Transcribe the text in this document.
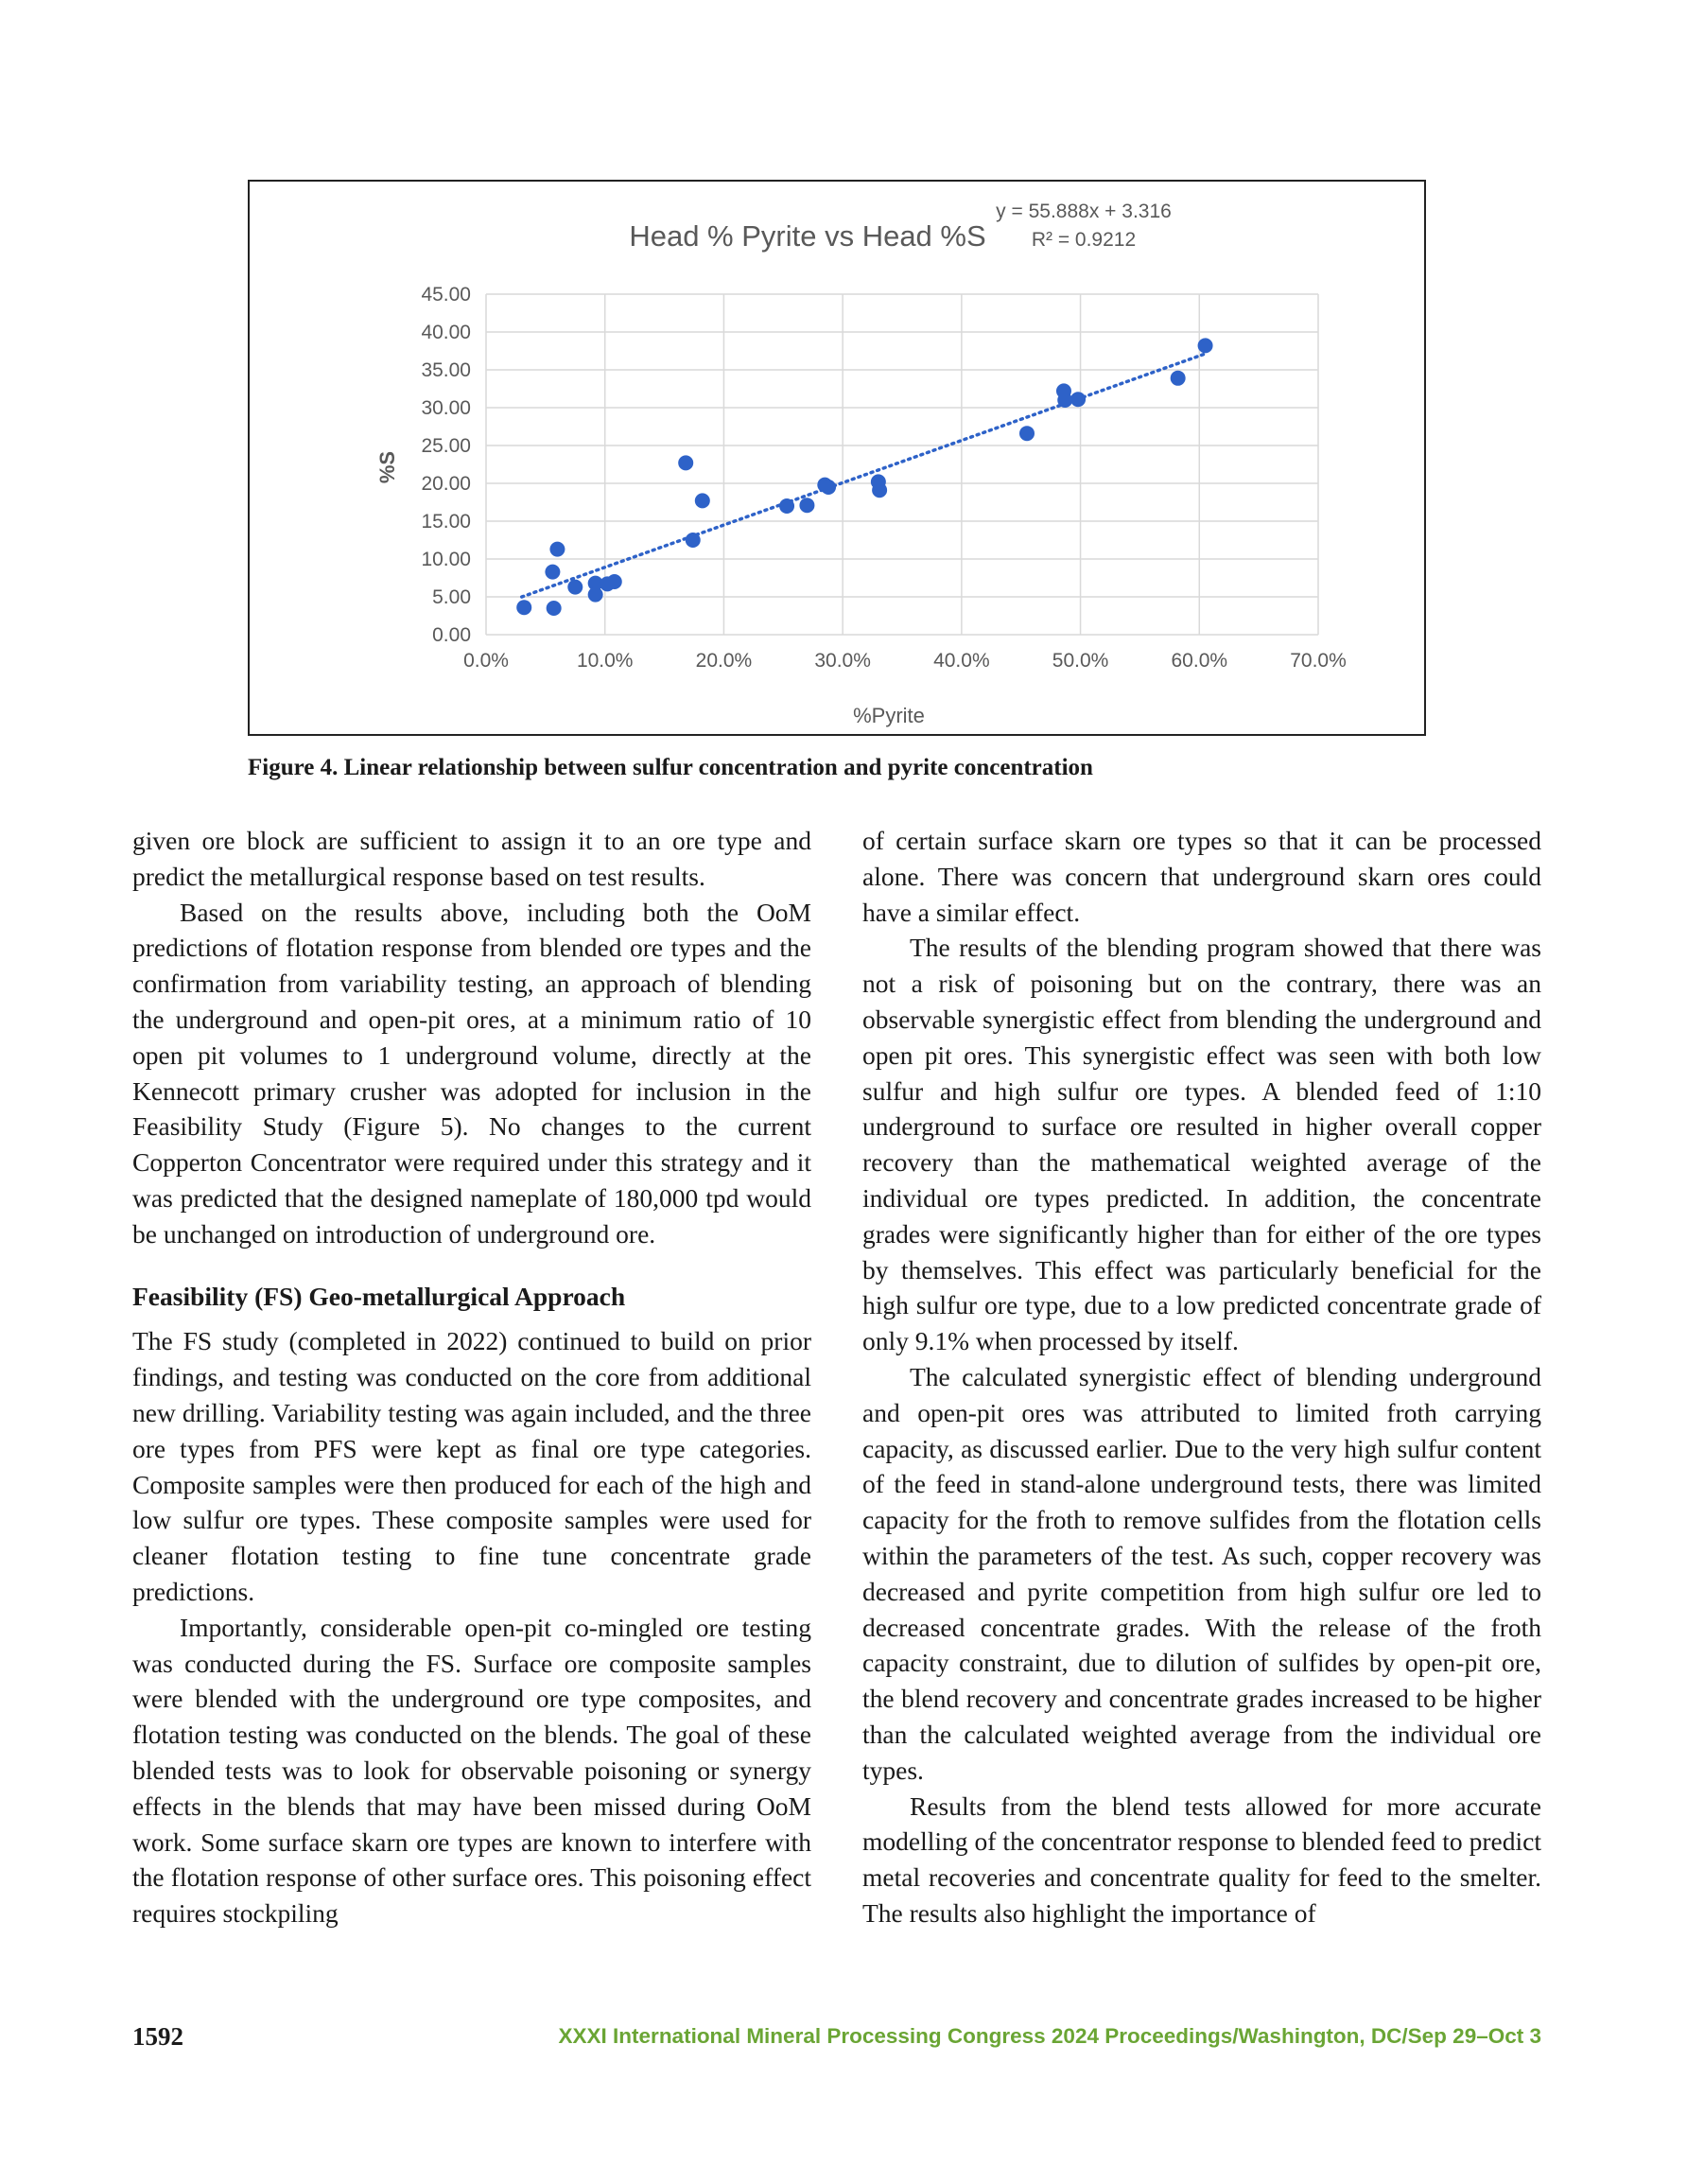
Head % Pyrite vs Head %S
y = 55.888x + 3.316
R² = 0.9212
%Pyrite
%S
0.0%	10.0%	20.0%	30.0%	40.0%	50.0%	60.0%	70.0%
0.00
5.00
10.00
15.00
20.00
25.00
30.00
35.00
40.00
45.00
Figure 4. Linear relationship between sulfur concentration and pyrite concentration

given ore block are sufficient to assign it to an ore type and predict the metallurgical response based on test results.

Based on the results above, including both the OoM predictions of flotation response from blended ore types and the confirmation from variability testing, an approach of blending the underground and open-pit ores, at a minimum ratio of 10 open pit volumes to 1 underground volume, directly at the Kennecott primary crusher was adopted for inclusion in the Feasibility Study (Figure 5). No changes to the current Copperton Concentrator were required under this strategy and it was predicted that the designed nameplate of 180,000 tpd would be unchanged on introduction of underground ore.

Feasibility (FS) Geo-metallurgical Approach

The FS study (completed in 2022) continued to build on prior findings, and testing was conducted on the core from additional new drilling. Variability testing was again included, and the three ore types from PFS were kept as final ore type categories. Composite samples were then produced for each of the high and low sulfur ore types. These composite samples were used for cleaner flotation testing to fine tune concentrate grade predictions.

Importantly, considerable open-pit co-mingled ore testing was conducted during the FS. Surface ore composite samples were blended with the underground ore type composites, and flotation testing was conducted on the blends. The goal of these blended tests was to look for observable poisoning or synergy effects in the blends that may have been missed during OoM work. Some surface skarn ore types are known to interfere with the flotation response of other surface ores. This poisoning effect requires stockpiling

of certain surface skarn ore types so that it can be processed alone. There was concern that underground skarn ores could have a similar effect.

The results of the blending program showed that there was not a risk of poisoning but on the contrary, there was an observable synergistic effect from blending the underground and open pit ores. This synergistic effect was seen with both low sulfur and high sulfur ore types. A blended feed of 1:10 underground to surface ore resulted in higher overall copper recovery than the mathematical weighted average of the individual ore types predicted. In addition, the concentrate grades were significantly higher than for either of the ore types by themselves. This effect was particularly beneficial for the high sulfur ore type, due to a low predicted concentrate grade of only 9.1% when processed by itself.

The calculated synergistic effect of blending underground and open-pit ores was attributed to limited froth carrying capacity, as discussed earlier. Due to the very high sulfur content of the feed in stand-alone underground tests, there was limited capacity for the froth to remove sulfides from the flotation cells within the parameters of the test. As such, copper recovery was decreased and pyrite competition from high sulfur ore led to decreased concentrate grades. With the release of the froth capacity constraint, due to dilution of sulfides by open-pit ore, the blend recovery and concentrate grades increased to be higher than the calculated weighted average from the individual ore types.

Results from the blend tests allowed for more accurate modelling of the concentrator response to blended feed to predict metal recoveries and concentrate quality for feed to the smelter. The results also highlight the importance of

1592	XXXI International Mineral Processing Congress 2024 Proceedings/Washington, DC/Sep 29–Oct 3
